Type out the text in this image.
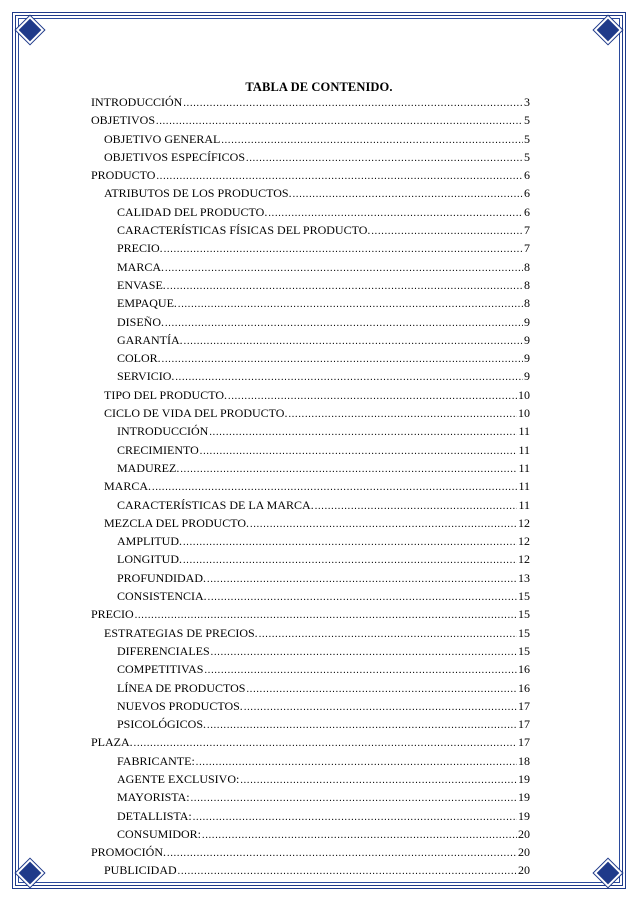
TABLA DE CONTENIDO.
INTRODUCCIÓN .....	3
OBJETIVOS .....	5
OBJETIVO GENERAL .....	5
OBJETIVOS ESPECÍFICOS .....	5
PRODUCTO .....	6
ATRIBUTOS DE LOS PRODUCTOS. .....	6
CALIDAD DEL PRODUCTO. .....	6
CARACTERÍSTICAS FÍSICAS DEL PRODUCTO. .....	7
PRECIO. .....	7
MARCA. .....	8
ENVASE. .....	8
EMPAQUE. .....	8
DISEÑO. .....	9
GARANTÍA. .....	9
COLOR. .....	9
SERVICIO. .....	9
TIPO DEL PRODUCTO. .....	10
CICLO DE VIDA DEL PRODUCTO. .....	10
INTRODUCCIÓN .....	11
CRECIMIENTO .....	11
MADUREZ. .....	11
MARCA. .....	11
CARACTERÍSTICAS DE LA MARCA. .....	11
MEZCLA DEL PRODUCTO. .....	12
AMPLITUD. .....	12
LONGITUD. .....	12
PROFUNDIDAD. .....	13
CONSISTENCIA. .....	15
PRECIO .....	15
ESTRATEGIAS DE PRECIOS. .....	15
DIFERENCIALES .....	15
COMPETITIVAS .....	16
LÍNEA DE PRODUCTOS .....	16
NUEVOS PRODUCTOS. .....	17
PSICOLÓGICOS. .....	17
PLAZA. .....	17
FABRICANTE: .....	18
AGENTE EXCLUSIVO: .....	19
MAYORISTA: .....	19
DETALLISTA: .....	19
CONSUMIDOR: .....	20
PROMOCIÓN. .....	20
PUBLICIDAD .....	20
